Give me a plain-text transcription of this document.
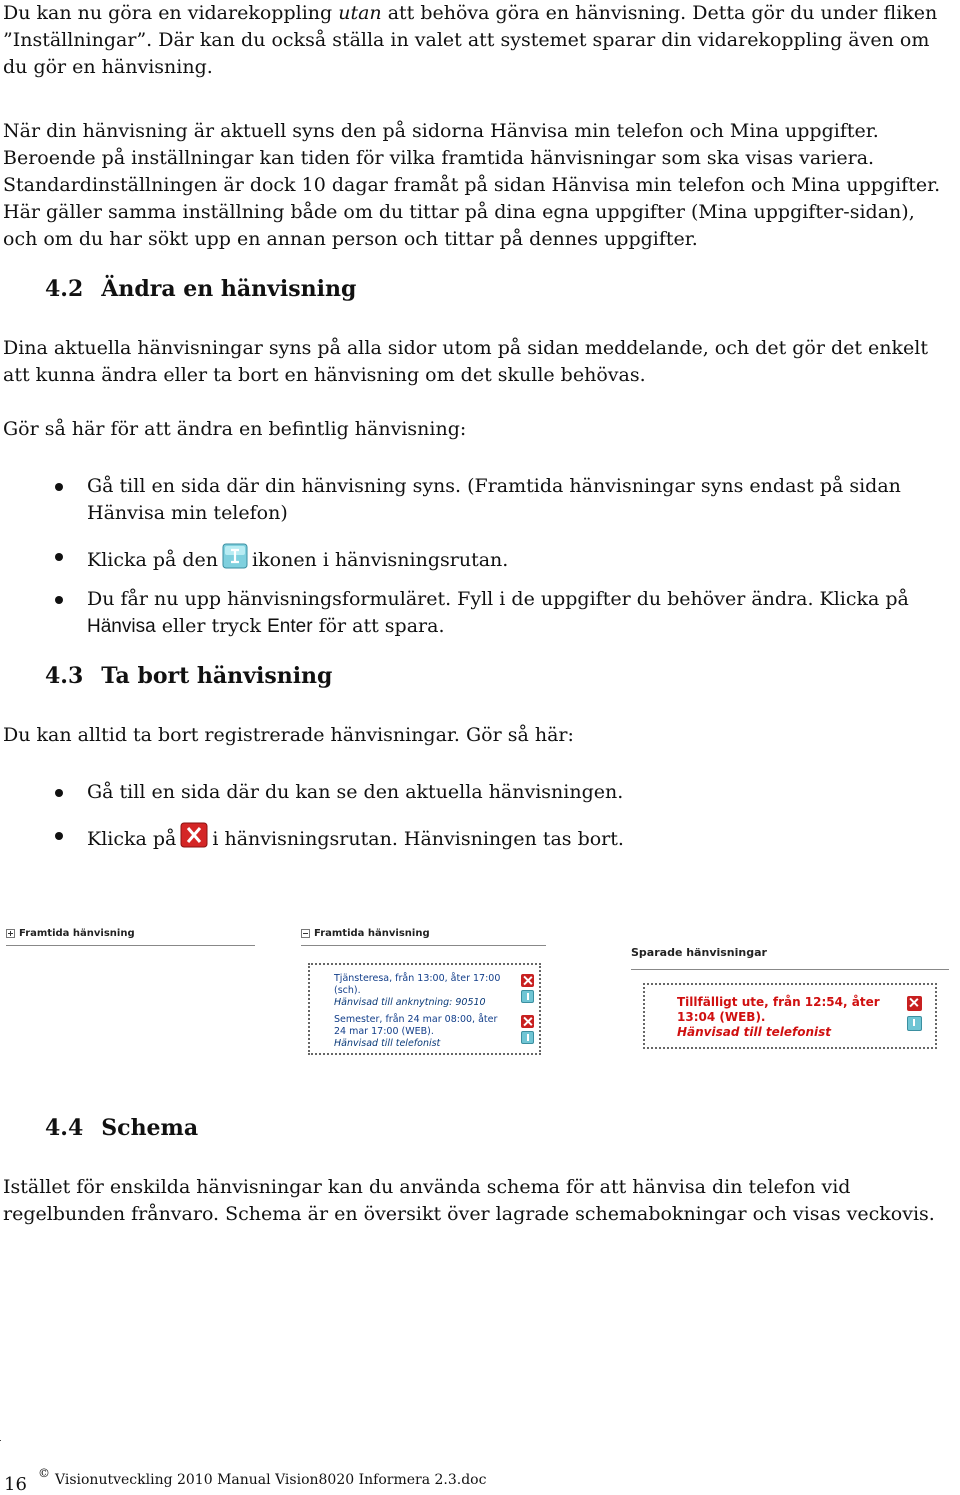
Du kan nu göra en vidarekoppling utan att behöva göra en hänvisning. Detta gör du under fliken ”Inställningar”. Där kan du också ställa in valet att systemet sparar din vidarekoppling även om du gör en hänvisning.

När din hänvisning är aktuell syns den på sidorna Hänvisa min telefon och Mina uppgifter. Beroende på inställningar kan tiden för vilka framtida hänvisningar som ska visas variera. Standardinställningen är dock 10 dagar framåt på sidan Hänvisa min telefon och Mina uppgifter. Här gäller samma inställning både om du tittar på dina egna uppgifter (Mina uppgifter-sidan), och om du har sökt upp en annan person och tittar på dennes uppgifter.

4.2 Ändra en hänvisning

Dina aktuella hänvisningar syns på alla sidor utom på sidan meddelande, och det gör det enkelt att kunna ändra eller ta bort en hänvisning om det skulle behövas.

Gör så här för att ändra en befintlig hänvisning:

Gå till en sida där din hänvisning syns. (Framtida hänvisningar syns endast på sidan Hänvisa min telefon)
Klicka på den ikonen i hänvisningsrutan.
Du får nu upp hänvisningsformuläret. Fyll i de uppgifter du behöver ändra. Klicka på Hänvisa eller tryck Enter för att spara.
4.3 Ta bort hänvisning

Du kan alltid ta bort registrerade hänvisningar. Gör så här:

Gå till en sida där du kan se den aktuella hänvisningen.
Klicka på i hänvisningsrutan. Hänvisningen tas bort.
Framtida hänvisning	Framtida hänvisning
Tjänsteresa, från 13:00, åter 17:00
(sch).
Hänvisad till anknytning: 90510
Semester, från 24 mar 08:00, åter
24 mar 17:00 (WEB).
Hänvisad till telefonist
Sparade hänvisningar
Tillfälligt ute, från 12:54, åter
13:04 (WEB).
Hänvisad till telefonist
4.4 Schema

Istället för enskilda hänvisningar kan du använda schema för att hänvisa din telefon vid regelbunden frånvaro. Schema är en översikt över lagrade schemabokningar och visas veckovis.

16
© Visionutveckling 2010 Manual Vision8020 Informera 2.3.doc
